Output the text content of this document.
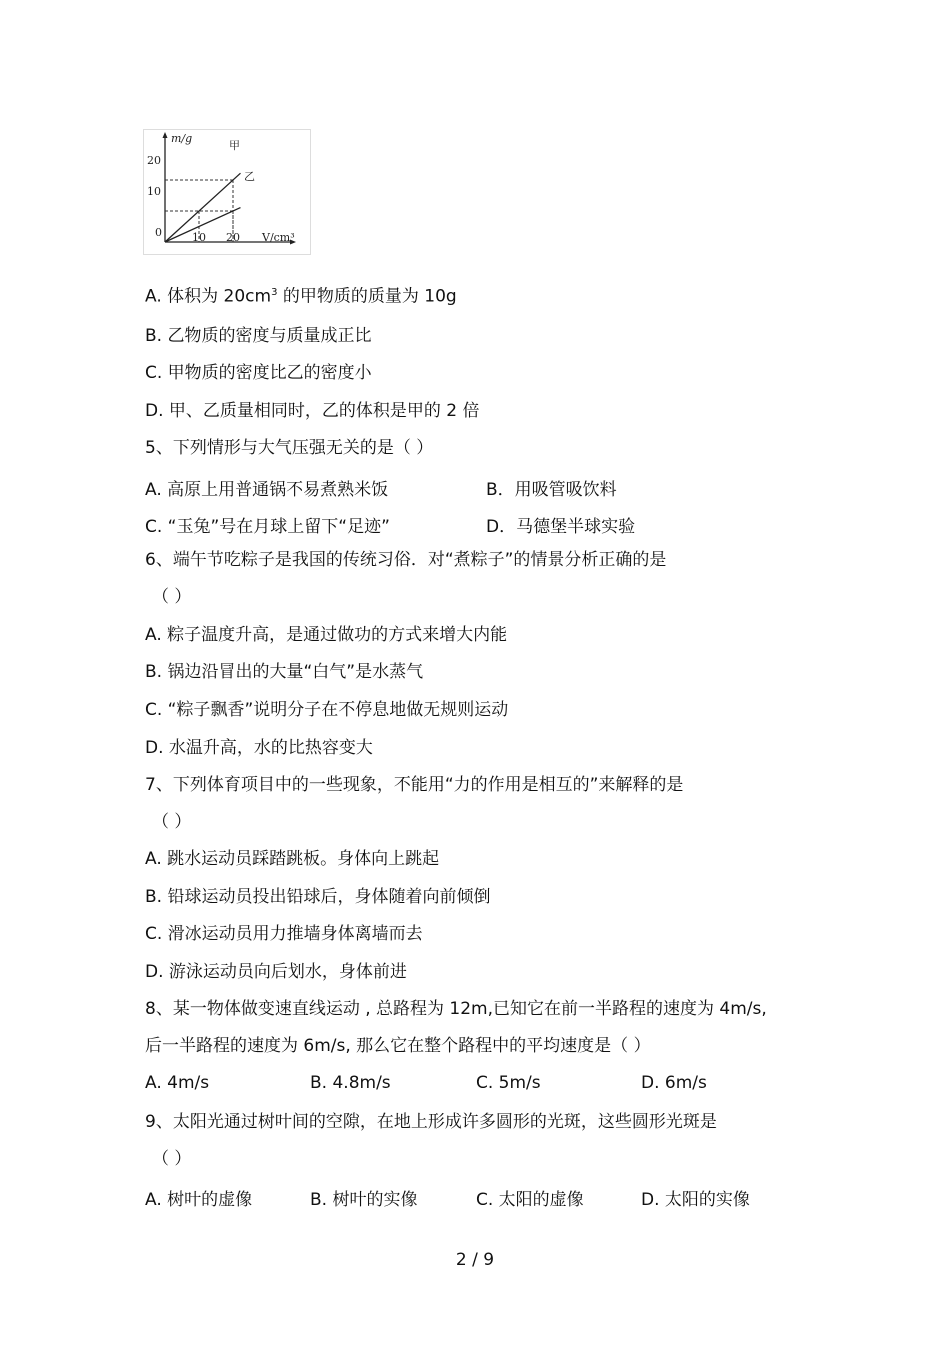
m/g
V/cm³
0	10 20
20
10
甲
乙
A. 体积为 $20cm^3$ 的甲物质的质量为 10g
B. 乙物质的密度与质量成正比
C. 甲物质的密度比乙的密度小
D. 甲、乙质量相同时，乙的体积是甲的 2 倍
5、下列情形与大气压强无关的是（ ）
A. 高原上用普通锅不易煮熟米饭	B．用吸管吸饮料
C. “玉兔”号在月球上留下“足迹”	D．马德堡半球实验
6、端午节吃粽子是我国的传统习俗．对“煮粽子”的情景分析正确的是
（ ）
A. 粽子温度升高，是通过做功的方式来增大内能
B. 锅边沿冒出的大量“白气”是水蒸气
C. “粽子飘香”说明分子在不停息地做无规则运动
D. 水温升高，水的比热容变大
7、下列体育项目中的一些现象，不能用“力的作用是相互的”来解释的是
（ ）
A. 跳水运动员踩踏跳板。身体向上跳起
B. 铅球运动员投出铅球后，身体随着向前倾倒
C. 滑冰运动员用力推墙身体离墙而去
D. 游泳运动员向后划水，身体前进
8、某一物体做变速直线运动 , 总路程为 12m,已知它在前一半路程的速度为 4m/s,
后一半路程的速度为 6m/s, 那么它在整个路程中的平均速度是（ ）
A. 4m/s	B. 4.8m/s	C. 5m/s	D. 6m/s
9、太阳光通过树叶间的空隙，在地上形成许多圆形的光斑，这些圆形光斑是
（ ）
A. 树叶的虚像	B. 树叶的实像	C. 太阳的虚像	D. 太阳的实像
2 / 9
